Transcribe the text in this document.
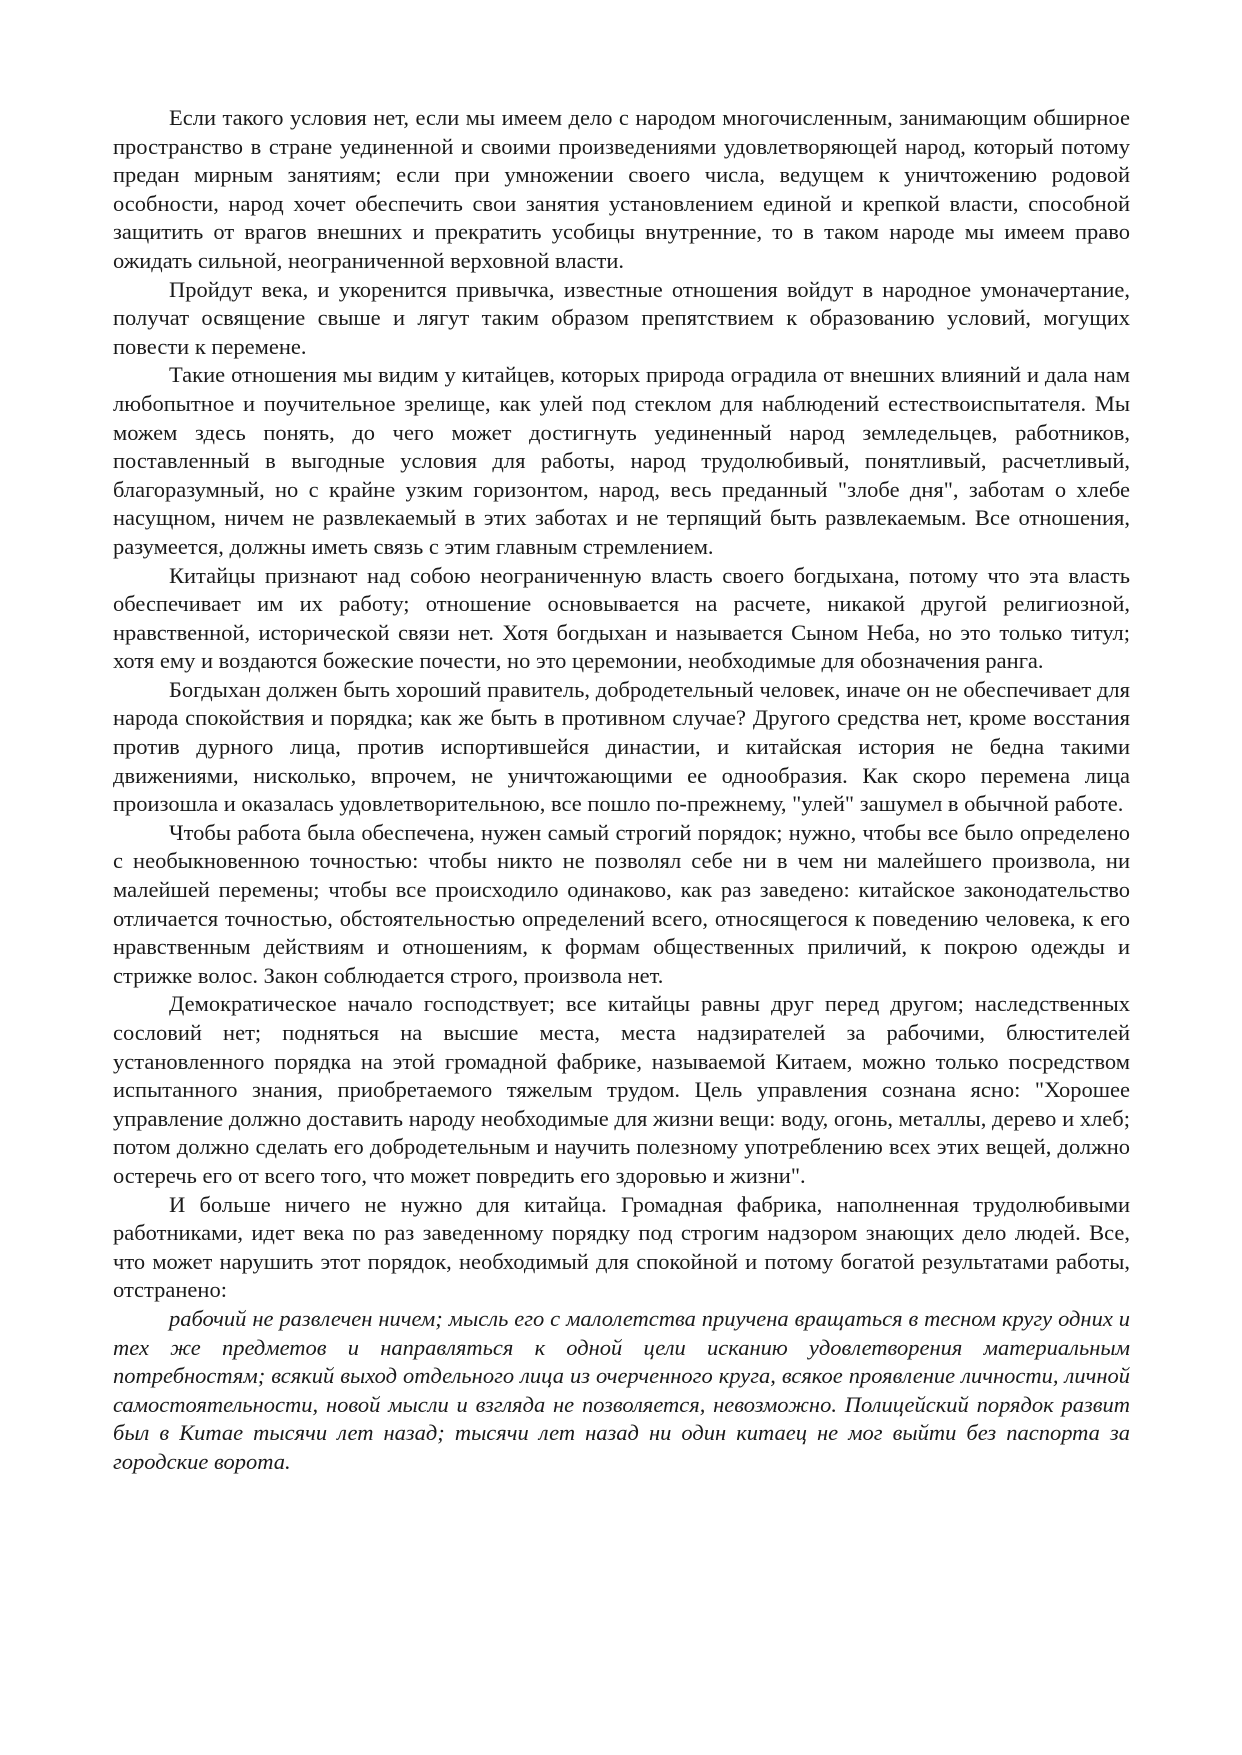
Если такого условия нет, если мы имеем дело с народом многочисленным, занимающим обширное пространство в стране уединенной и своими произведениями удовлетворяющей народ, который потому предан мирным занятиям; если при умножении своего числа, ведущем к уничтожению родовой особности, народ хочет обеспечить свои занятия установлением единой и крепкой власти, способной защитить от врагов внешних и прекратить усобицы внутренние, то в таком народе мы имеем право ожидать сильной, неограниченной верховной власти.

Пройдут века, и укоренится привычка, известные отношения войдут в народное умоначертание, получат освящение свыше и лягут таким образом препятствием к образованию условий, могущих повести к перемене.

Такие отношения мы видим у китайцев, которых природа оградила от внешних влияний и дала нам любопытное и поучительное зрелище, как улей под стеклом для наблюдений естествоиспытателя. Мы можем здесь понять, до чего может достигнуть уединенный народ земледельцев, работников, поставленный в выгодные условия для работы, народ трудолюбивый, понятливый, расчетливый, благоразумный, но с крайне узким горизонтом, народ, весь преданный "злобе дня", заботам о хлебе насущном, ничем не развлекаемый в этих заботах и не терпящий быть развлекаемым. Все отношения, разумеется, должны иметь связь с этим главным стремлением.

Китайцы признают над собою неограниченную власть своего богдыхана, потому что эта власть обеспечивает им их работу; отношение основывается на расчете, никакой другой религиозной, нравственной, исторической связи нет. Хотя богдыхан и называется Сыном Неба, но это только титул; хотя ему и воздаются божеские почести, но это церемонии, необходимые для обозначения ранга.

Богдыхан должен быть хороший правитель, добродетельный человек, иначе он не обеспечивает для народа спокойствия и порядка; как же быть в противном случае? Другого средства нет, кроме восстания против дурного лица, против испортившейся династии, и китайская история не бедна такими движениями, нисколько, впрочем, не уничтожающими ее однообразия. Как скоро перемена лица произошла и оказалась удовлетворительною, все пошло по-прежнему, "улей" зашумел в обычной работе.

Чтобы работа была обеспечена, нужен самый строгий порядок; нужно, чтобы все было определено с необыкновенною точностью: чтобы никто не позволял себе ни в чем ни малейшего произвола, ни малейшей перемены; чтобы все происходило одинаково, как раз заведено: китайское законодательство отличается точностью, обстоятельностью определений всего, относящегося к поведению человека, к его нравственным действиям и отношениям, к формам общественных приличий, к покрою одежды и стрижке волос. Закон соблюдается строго, произвола нет.

Демократическое начало господствует; все китайцы равны друг перед другом; наследственных сословий нет; подняться на высшие места, места надзирателей за рабочими, блюстителей установленного порядка на этой громадной фабрике, называемой Китаем, можно только посредством испытанного знания, приобретаемого тяжелым трудом. Цель управления сознана ясно: "Хорошее управление должно доставить народу необходимые для жизни вещи: воду, огонь, металлы, дерево и хлеб; потом должно сделать его добродетельным и научить полезному употреблению всех этих вещей, должно остеречь его от всего того, что может повредить его здоровью и жизни".

И больше ничего не нужно для китайца. Громадная фабрика, наполненная трудолюбивыми работниками, идет века по раз заведенному порядку под строгим надзором знающих дело людей. Все, что может нарушить этот порядок, необходимый для спокойной и потому богатой результатами работы, отстранено:

рабочий не развлечен ничем; мысль его с малолетства приучена вращаться в тесном кругу одних и тех же предметов и направляться к одной цели исканию удовлетворения материальным потребностям; всякий выход отдельного лица из очерченного круга, всякое проявление личности, личной самостоятельности, новой мысли и взгляда не позволяется, невозможно. Полицейский порядок развит был в Китае тысячи лет назад; тысячи лет назад ни один китаец не мог выйти без паспорта за городские ворота.
